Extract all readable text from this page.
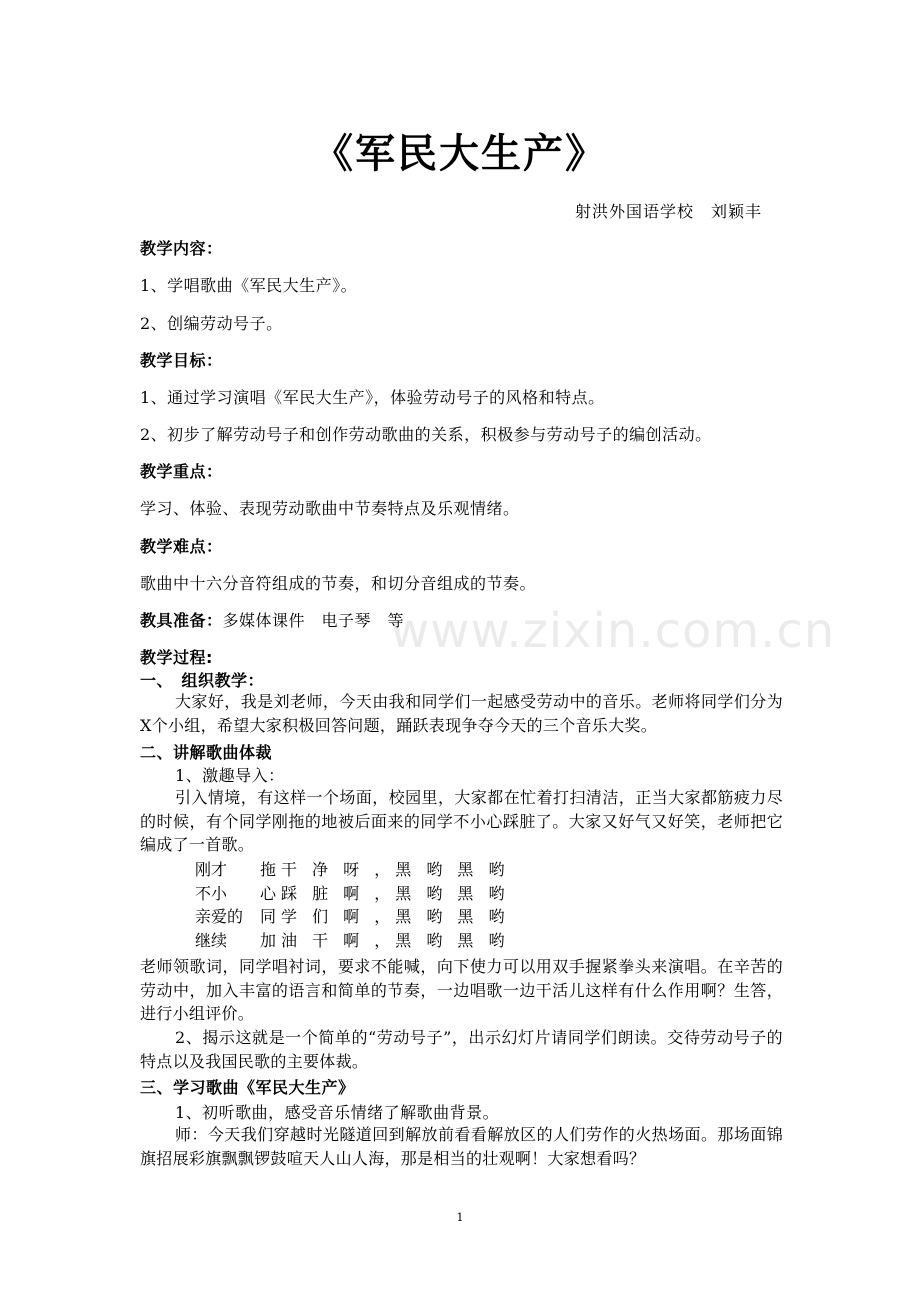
www.zixin.com.cn
《军民大生产》
射洪外国语学校　刘颖丰
教学内容：
1、学唱歌曲《军民大生产》。
2、创编劳动号子。
教学目标：
1、通过学习演唱《军民大生产》，体验劳动号子的风格和特点。
2、初步了解劳动号子和创作劳动歌曲的关系，积极参与劳动号子的编创活动。
教学重点：
学习、体验、表现劳动歌曲中节奏特点及乐观情绪。
教学难点：
歌曲中十六分音符组成的节奏，和切分音组成的节奏。
教具准备：多媒体课件　电子琴　等
教学过程:
一、　组织教学：
大家好，我是刘老师，今天由我和同学们一起感受劳动中的音乐。老师将同学们分为X个小组，希望大家积极回答问题，踊跃表现争夺今天的三个音乐大奖。
二、讲解歌曲体裁
1、激趣导入：
引入情境，有这样一个场面，校园里，大家都在忙着打扫清洁，正当大家都筋疲力尽的时候，有个同学刚拖的地被后面来的同学不小心踩脏了。大家又好气又好笑，老师把它编成了一首歌。
刚才	拖干 净 呀 ，黑 哟 黑 哟
不小	心踩 脏 啊 ，黑 哟 黑 哟
亲爱的	同学 们 啊 ，黑 哟 黑 哟
继续	加油 干 啊 ，黑 哟 黑 哟
老师领歌词，同学唱衬词，要求不能喊，向下使力可以用双手握紧拳头来演唱。在辛苦的劳动中，加入丰富的语言和简单的节奏，一边唱歌一边干活儿这样有什么作用啊？生答，进行小组评价。
2、揭示这就是一个简单的“劳动号子”，出示幻灯片请同学们朗读。交待劳动号子的特点以及我国民歌的主要体裁。
三、学习歌曲《军民大生产》
1、初听歌曲，感受音乐情绪了解歌曲背景。
师：今天我们穿越时光隧道回到解放前看看解放区的人们劳作的火热场面。那场面锦旗招展彩旗飘飘锣鼓喧天人山人海，那是相当的壮观啊！大家想看吗？
1
